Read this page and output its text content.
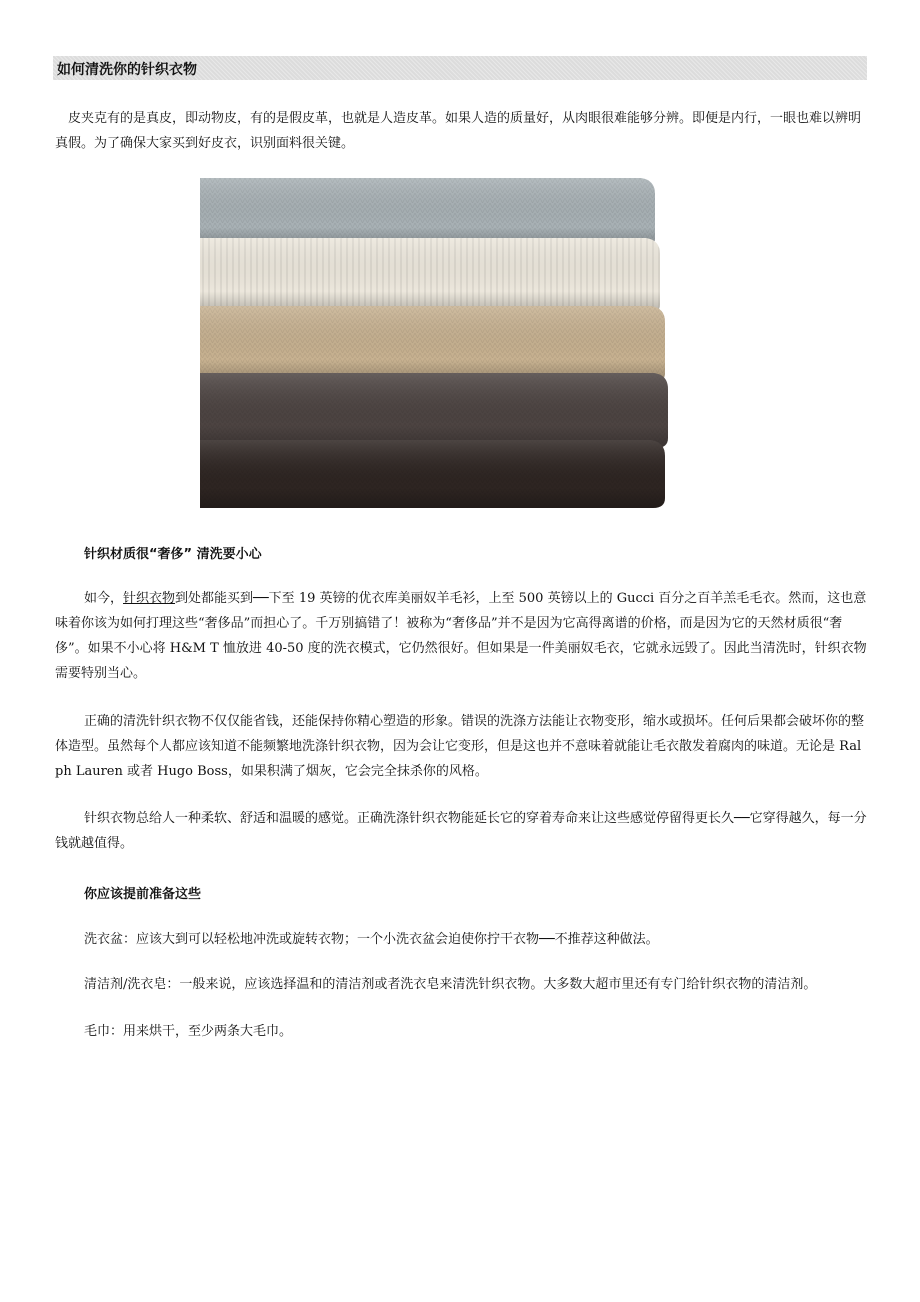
如何清洗你的针织衣物

皮夹克有的是真皮，即动物皮，有的是假皮革，也就是人造皮革。如果人造的质量好，从肉眼很难能够分辨。即便是内行，一眼也难以辨明真假。为了确保大家买到好皮衣，识别面料很关键。

针织材质很“奢侈” 清洗要小心

如今，针织衣物到处都能买到──下至 19 英镑的优衣库美丽奴羊毛衫，上至 500 英镑以上的 Gucci 百分之百羊羔毛毛衣。然而，这也意味着你该为如何打理这些“奢侈品”而担心了。千万别搞错了！被称为“奢侈品”并不是因为它高得离谱的价格，而是因为它的天然材质很“奢侈”。如果不小心将 H&M T 恤放进 40-50 度的洗衣模式，它仍然很好。但如果是一件美丽奴毛衣，它就永远毁了。因此当清洗时，针织衣物需要特别当心。

正确的清洗针织衣物不仅仅能省钱，还能保持你精心塑造的形象。错误的洗涤方法能让衣物变形，缩水或损坏。任何后果都会破坏你的整体造型。虽然每个人都应该知道不能频繁地洗涤针织衣物，因为会让它变形，但是这也并不意味着就能让毛衣散发着腐肉的味道。无论是 Ralph Lauren 或者 Hugo Boss，如果积满了烟灰，它会完全抹杀你的风格。

针织衣物总给人一种柔软、舒适和温暖的感觉。正确洗涤针织衣物能延长它的穿着寿命来让这些感觉停留得更长久──它穿得越久，每一分钱就越值得。

你应该提前准备这些

洗衣盆：应该大到可以轻松地冲洗或旋转衣物；一个小洗衣盆会迫使你拧干衣物──不推荐这种做法。

清洁剂/洗衣皂：一般来说，应该选择温和的清洁剂或者洗衣皂来清洗针织衣物。大多数大超市里还有专门给针织衣物的清洁剂。

毛巾：用来烘干，至少两条大毛巾。
